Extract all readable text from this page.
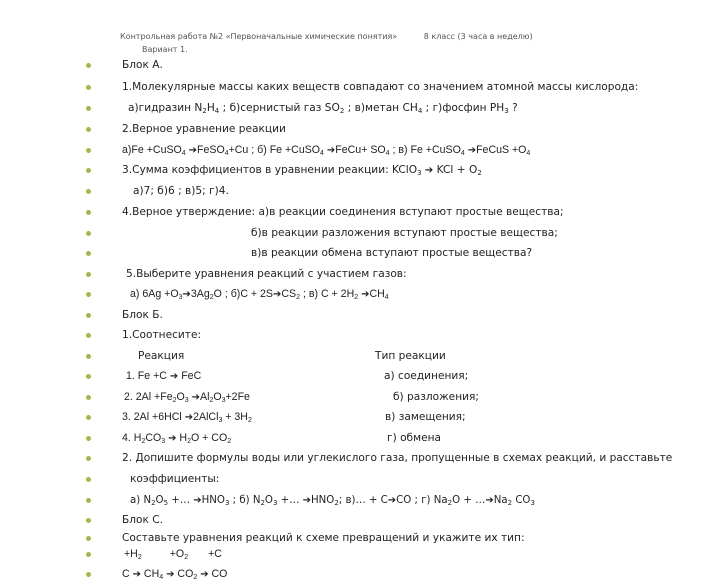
Контрольная работа №2 «Первоначальные химические понятия»	8 класс (3 часа в неделю)
Вариант 1.
Блок А.
1.Молекулярные массы каких веществ совпадают со значением атомной массы кислорода:
а)гидразин $N_2H_4$ ; б)сернистый газ $SO_2$ ; в)метан $CH_4$ ; г)фосфин $PH_3$ ?
2.Верное уравнение реакции
а)Fe +CuSO$_4$ ➔FeSO$_4$+Cu ; б) Fe +CuSO$_4$ ➔FeCu+ $SO_4$ ; в) Fe +CuSO$_4$ ➔FeCuS $+O_4$
3.Сумма коэффициентов в уравнении реакции: KClO$_3$ ➔ KCl + $O_2$
а)7; б)6 ; в)5; г)4.
4.Верное утверждение: а)в реакции соединения вступают простые вещества;
б)в реакции разложения вступают простые вещества;
в)в реакции обмена вступают простые вещества?
5.Выберите уравнения реакций с участием газов:
а) $6Ag +O_3➔3Ag_2O$ ; $б)C + 2S➔CS_2$ ; в) $C + 2H_2$ $➔CH_4$
Блок Б.
1.Соотнесите:
Реакция	Тип реакции
1. Fe +C ➔ FeC	а) соединения;
2. $2Al +Fe_2O_3$ $➔Al_2O_3+2Fe$	б) разложения;
3. 2Al +6HCl ➔2AlCl$_3$ + $3H_2$	в) замещения;
4. $H_2CO_3$ ➔ $H_2O + CO_2$	г) обмена
2. Допишите формулы воды или углекислого газа, пропущенные в схемах реакций, и расставьте
коэффициенты:
а) $N_2O_5$ +… $➔HNO_3$ ; б) $N_2O_3$ +… $➔HNO_2$; в)… + C➔CO ; г) $Na_2O$ + $\dots➔Na_2$ $CO_3$
Блок С.
Составьте уравнения реакций к схеме превращений и укажите их тип:
$+H_2$	$+O_2 +C$
C ➔ $CH_4$ ➔ $CO_2$ ➔ CO
